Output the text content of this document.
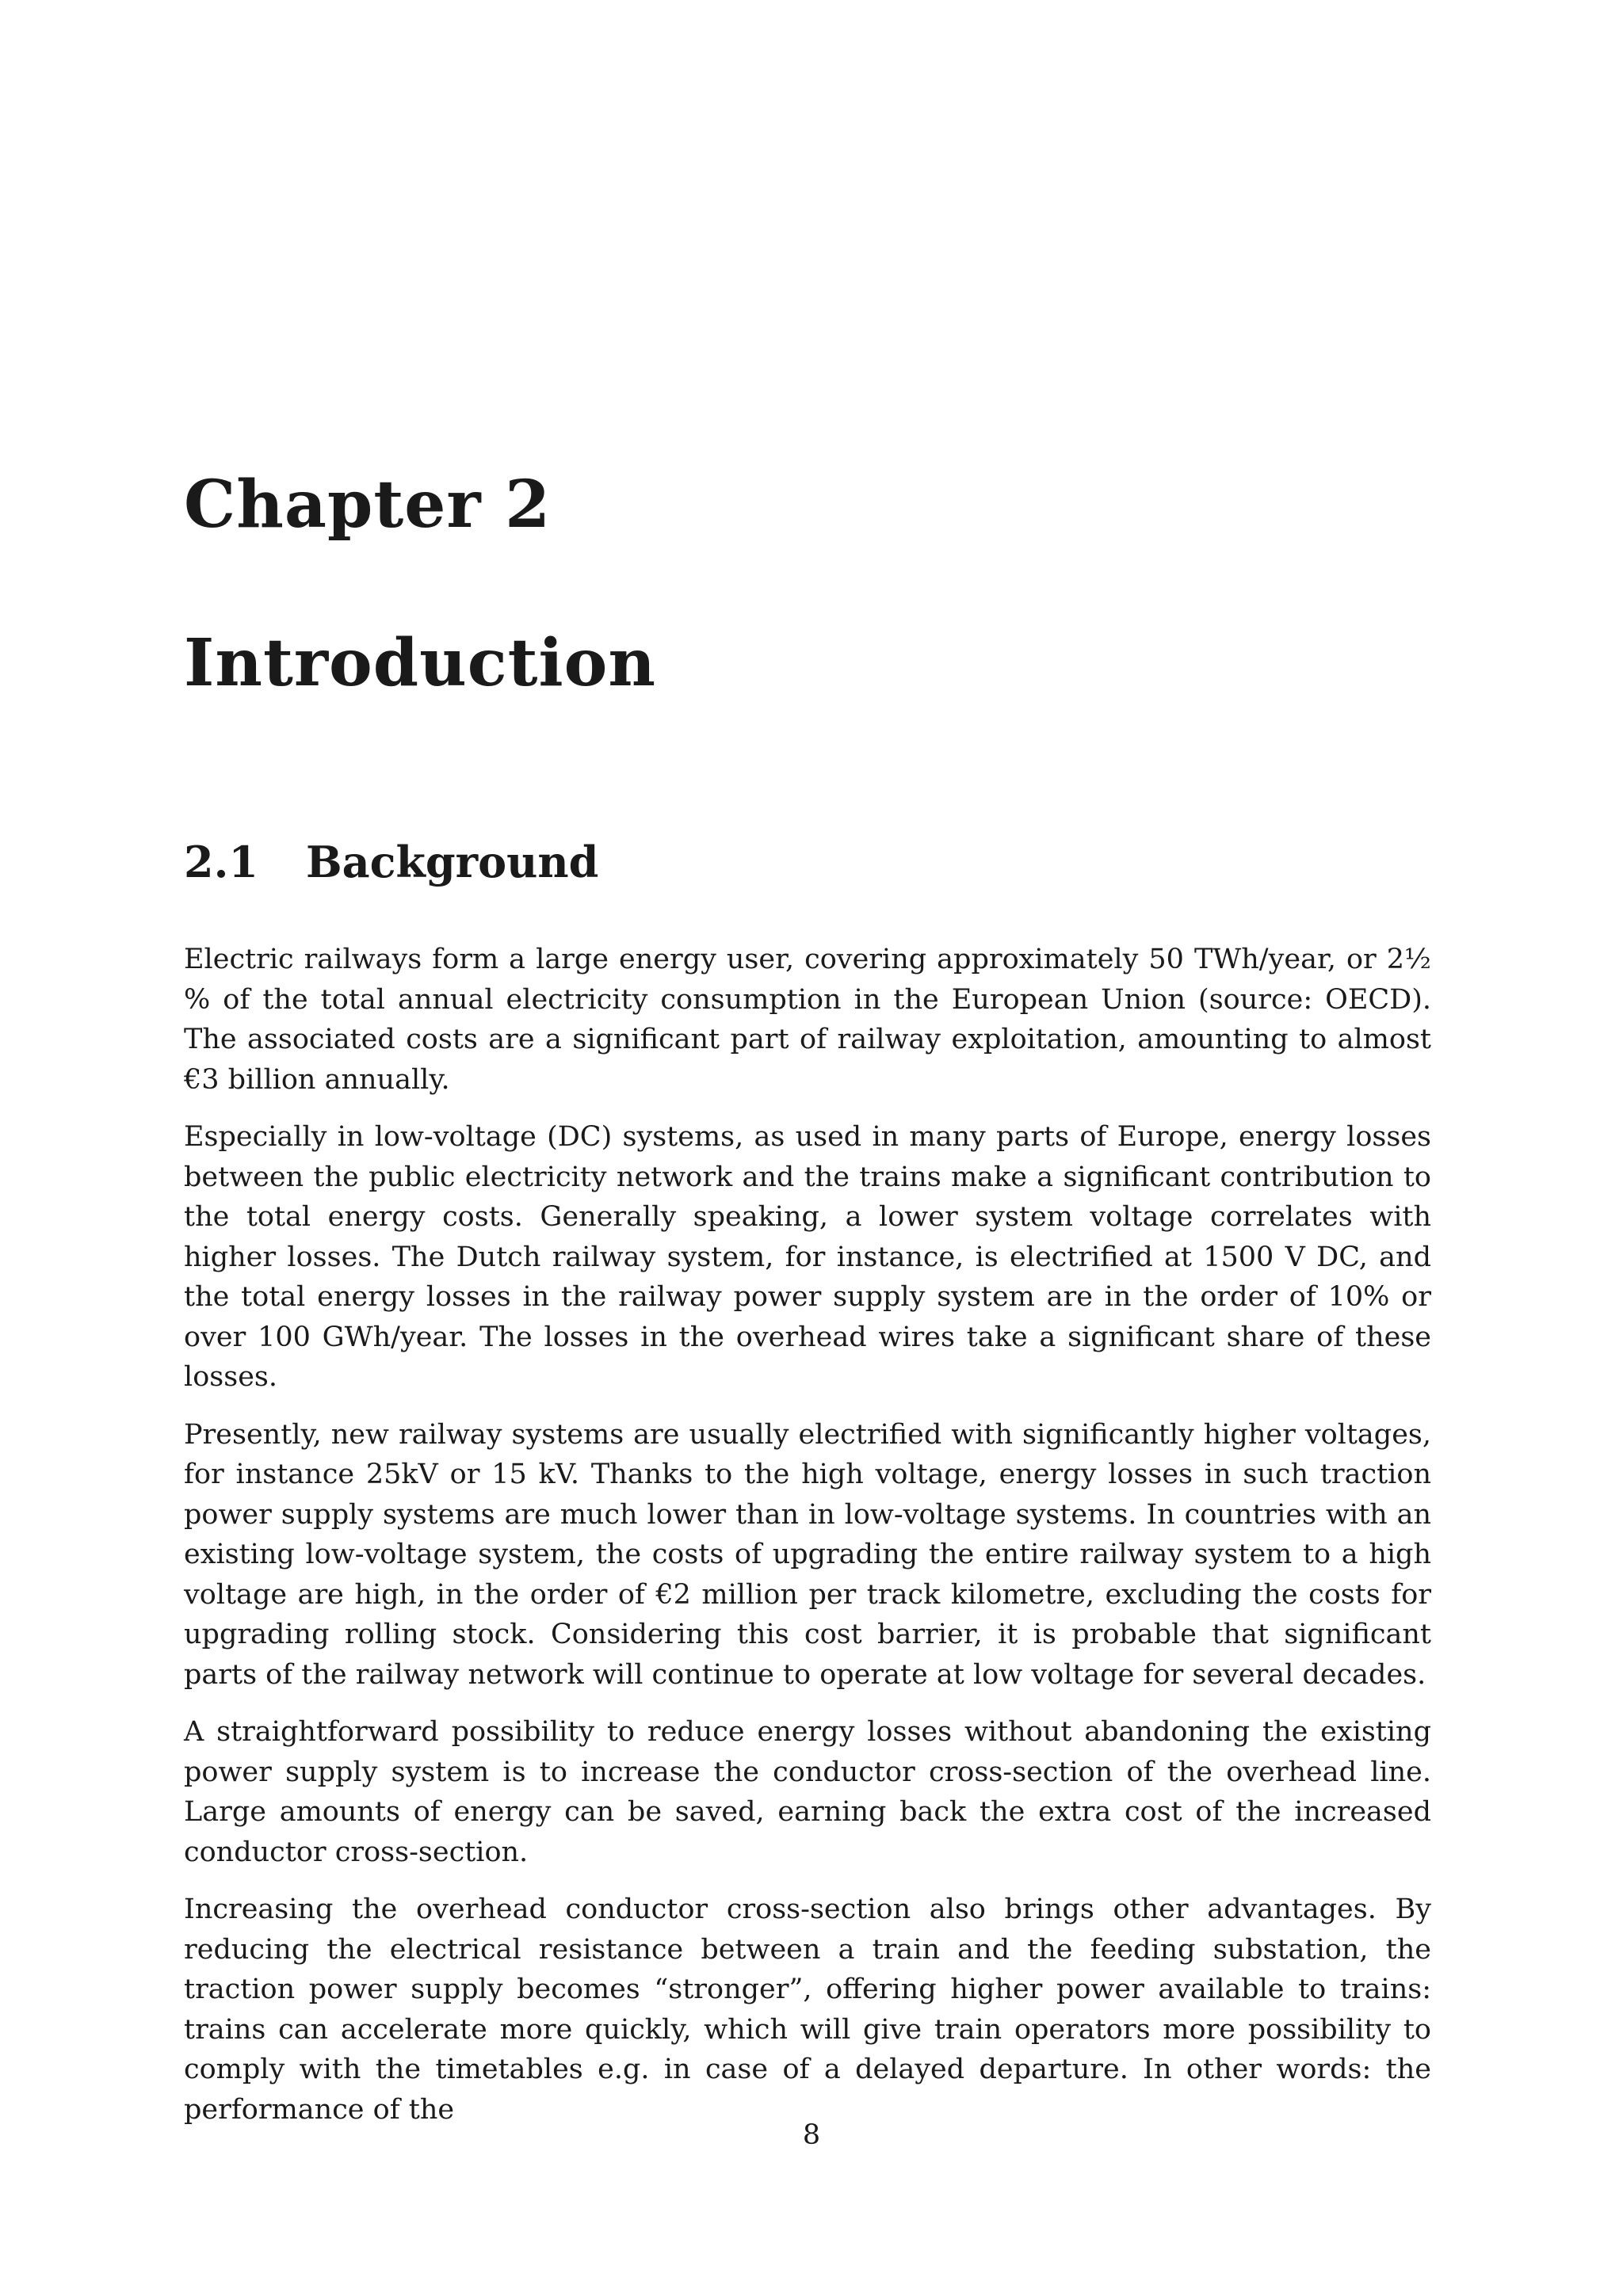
Chapter 2
Introduction
2.1 Background

Electric railways form a large energy user, covering approximately 50 TWh/year, or 2½ % of the total annual electricity consumption in the European Union (source: OECD). The associated costs are a significant part of railway exploitation, amounting to almost €3 billion annually.

Especially in low-voltage (DC) systems, as used in many parts of Europe, energy losses between the public electricity network and the trains make a significant contribution to the total energy costs. Generally speaking, a lower system voltage correlates with higher losses. The Dutch railway system, for instance, is electrified at 1500 V DC, and the total energy losses in the railway power supply system are in the order of 10% or over 100 GWh/year. The losses in the overhead wires take a significant share of these losses.

Presently, new railway systems are usually electrified with significantly higher voltages, for instance 25kV or 15 kV. Thanks to the high voltage, energy losses in such traction power supply systems are much lower than in low-voltage systems. In countries with an existing low-voltage system, the costs of upgrading the entire railway system to a high voltage are high, in the order of €2 million per track kilometre, excluding the costs for upgrading rolling stock. Considering this cost barrier, it is probable that significant parts of the railway network will continue to operate at low voltage for several decades.

A straightforward possibility to reduce energy losses without abandoning the existing power supply system is to increase the conductor cross-section of the overhead line. Large amounts of energy can be saved, earning back the extra cost of the increased conductor cross-section.

Increasing the overhead conductor cross-section also brings other advantages. By reducing the electrical resistance between a train and the feeding substation, the traction power supply becomes “stronger”, offering higher power available to trains: trains can accelerate more quickly, which will give train operators more possibility to comply with the timetables e.g. in case of a delayed departure. In other words: the performance of the

8
